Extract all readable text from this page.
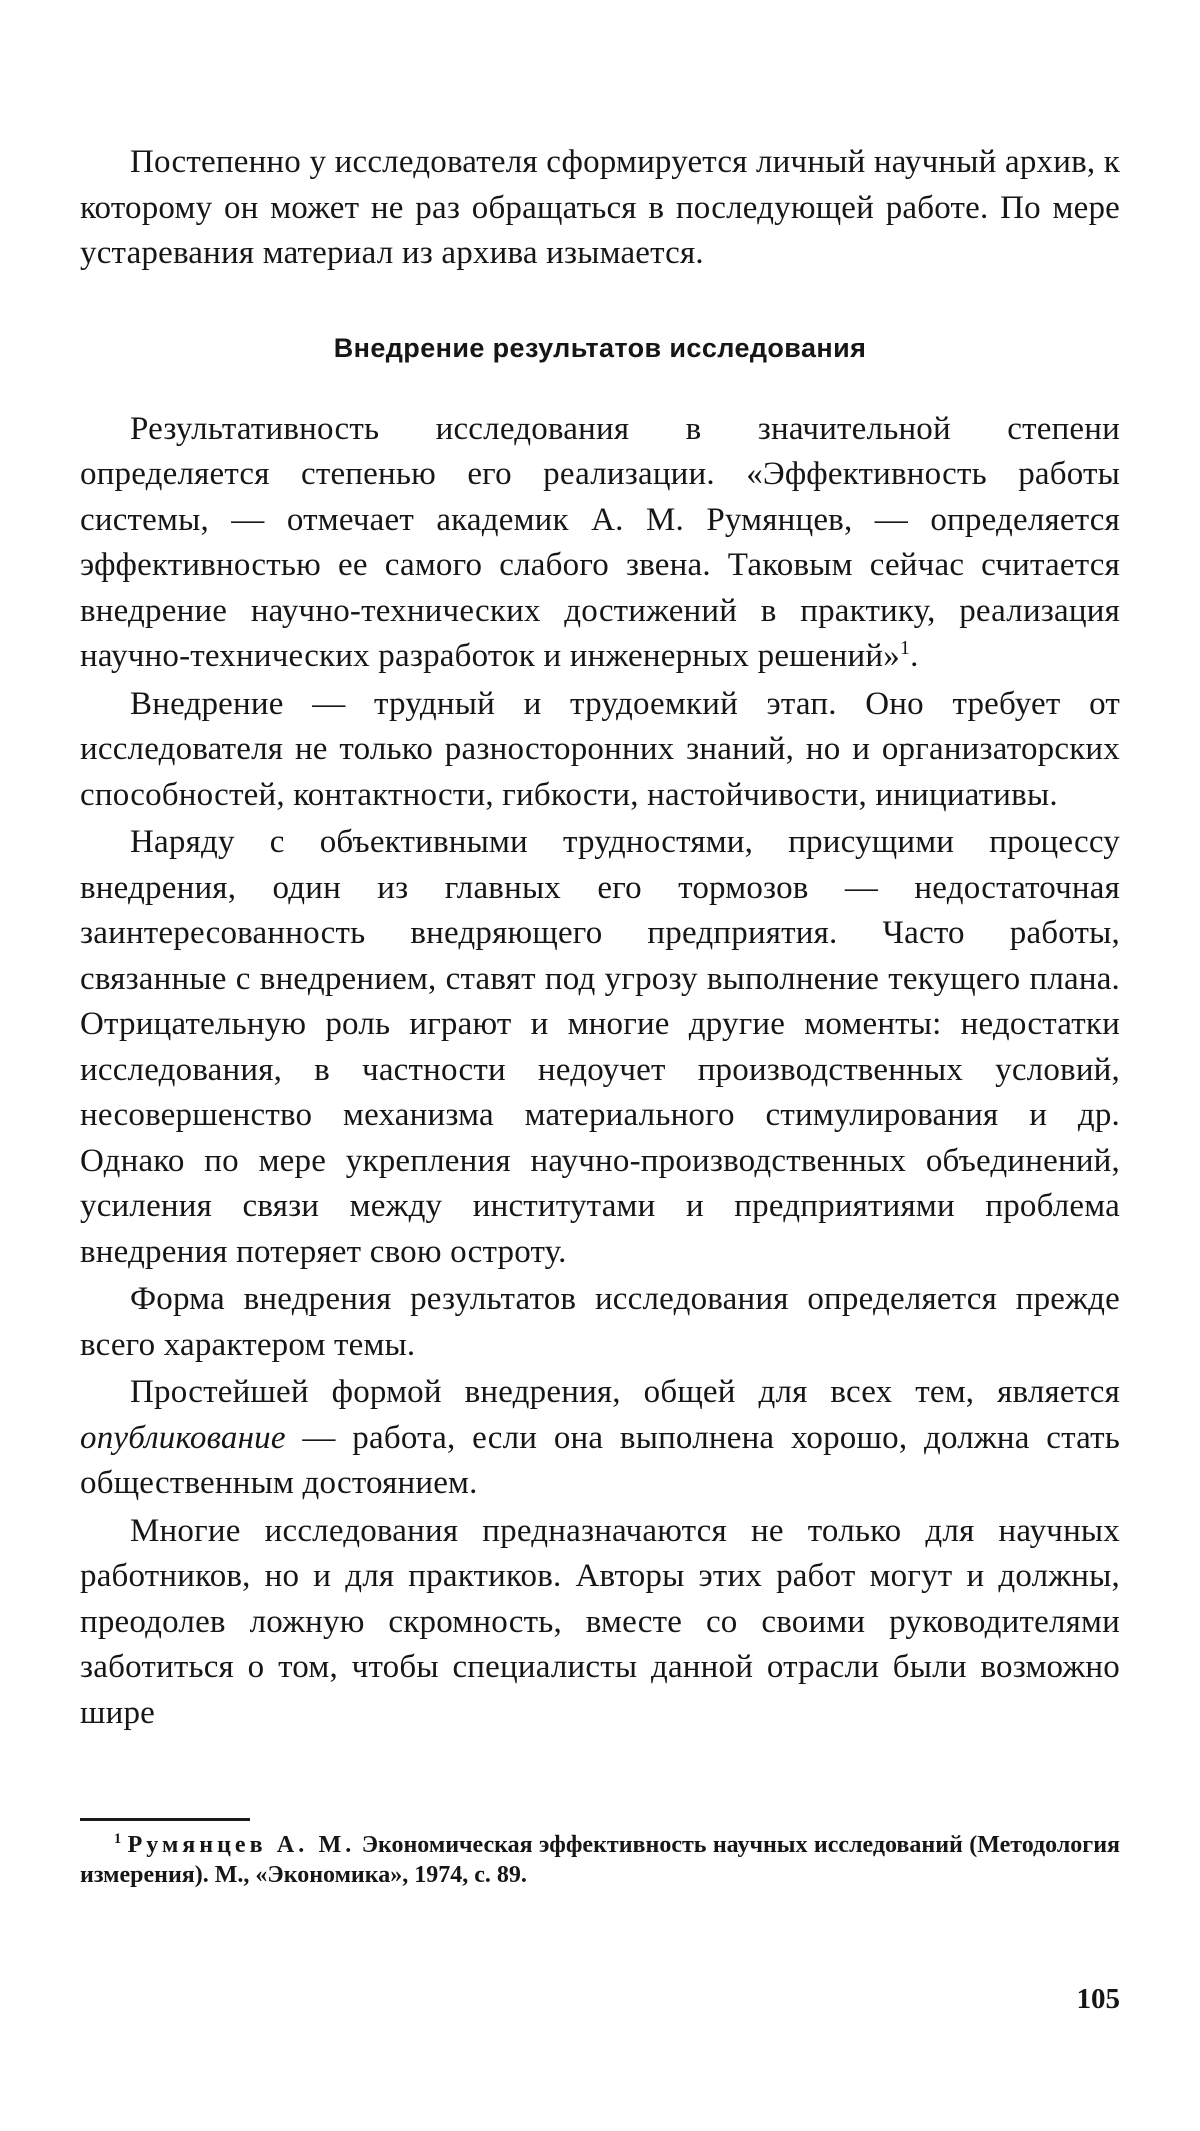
Постепенно у исследователя сформируется личный научный архив, к которому он может не раз обращаться в последующей работе. По мере устаревания материал из архива изымается.

Внедрение результатов исследования

Результативность исследования в значительной степени определяется степенью его реализации. «Эффективность работы системы, — отмечает академик А. М. Румянцев, — определяется эффективностью ее самого слабого звена. Таковым сейчас считается внедрение научно-технических достижений в практику, реализация научно-технических разработок и инженерных решений»$^1$.

Внедрение — трудный и трудоемкий этап. Оно требует от исследователя не только разносторонних знаний, но и организаторских способностей, контактности, гибкости, настойчивости, инициативы.

Наряду с объективными трудностями, присущими процессу внедрения, один из главных его тормозов — недостаточная заинтересованность внедряющего предприятия. Часто работы, связанные с внедрением, ставят под угрозу выполнение текущего плана. Отрицательную роль играют и многие другие моменты: недостатки исследования, в частности недоучет производственных условий, несовершенство механизма материального стимулирования и др. Однако по мере укрепления научно-производственных объединений, усиления связи между институтами и предприятиями проблема внедрения потеряет свою остроту.

Форма внедрения результатов исследования определяется прежде всего характером темы.

Простейшей формой внедрения, общей для всех тем, является опубликование — работа, если она выполнена хорошо, должна стать общественным достоянием.

Многие исследования предназначаются не только для научных работников, но и для практиков. Авторы этих работ могут и должны, преодолев ложную скромность, вместе со своими руководителями заботиться о том, чтобы специалисты данной отрасли были возможно шире

$^1$ Румянцев А. М. Экономическая эффективность научных исследований (Методология измерения). М., «Экономика», 1974, с. 89.

105
